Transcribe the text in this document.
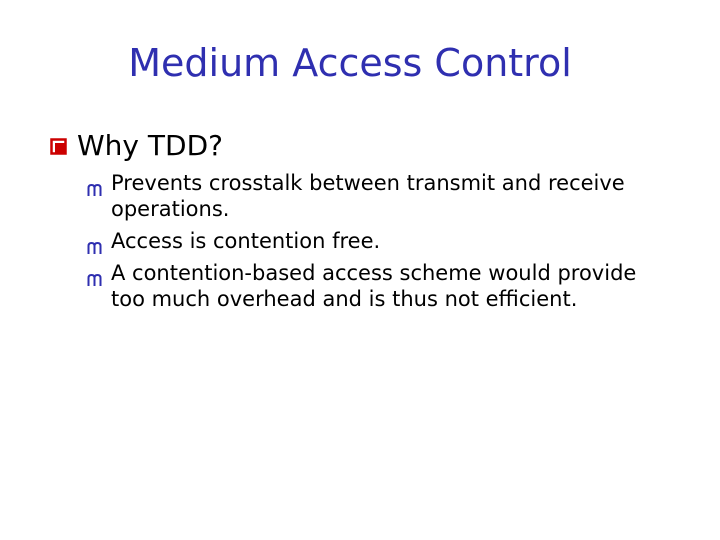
Medium Access Control
Why TDD?
Prevents crosstalk between transmit and receive operations.
Access is contention free.
A contention-based access scheme would provide too much overhead and is thus not efficient.
